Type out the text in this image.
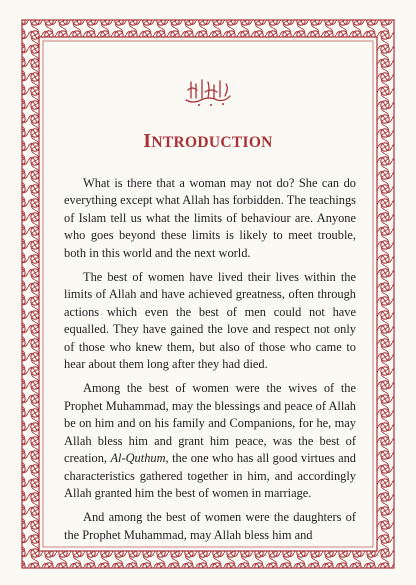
INTRODUCTION

What is there that a woman may not do? She can do everything except what Allah has forbidden. The teachings of Islam tell us what the limits of behaviour are. Anyone who goes beyond these limits is likely to meet trouble, both in this world and the next world.

The best of women have lived their lives within the limits of Allah and have achieved greatness, often through actions which even the best of men could not have equalled. They have gained the love and respect not only of those who knew them, but also of those who came to hear about them long after they had died.

Among the best of women were the wives of the Prophet Muhammad, may the blessings and peace of Allah be on him and on his family and Companions, for he, may Allah bless him and grant him peace, was the best of creation, Al-Quthum, the one who has all good virtues and characteristics gathered together in him, and accordingly Allah granted him the best of women in marriage.

And among the best of women were the daughters of the Prophet Muhammad, may Allah bless him and
